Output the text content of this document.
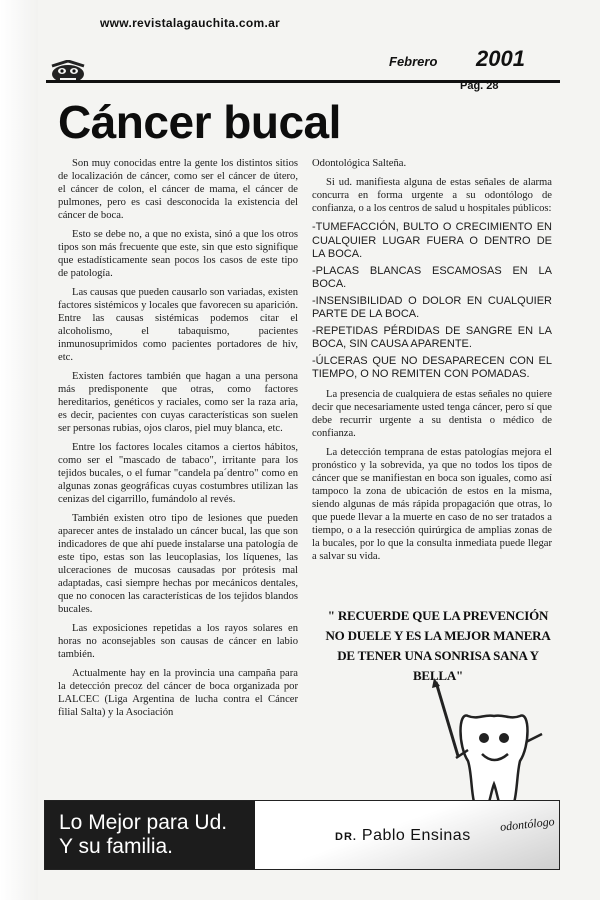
www.revistalagauchita.com.ar
Febrero 2001
Pag. 28
Cáncer bucal

Son muy conocidas entre la gente los distintos sitios de localización de cáncer, como ser el cáncer de útero, el cáncer de colon, el cáncer de mama, el cáncer de pulmones, pero es casi desconocida la existencia del cáncer de boca.

Esto se debe no, a que no exista, sinó a que los otros tipos son más frecuente que este, sin que esto signifique que estadísticamente sean pocos los casos de este tipo de patología.

Las causas que pueden causarlo son variadas, existen factores sistémicos y locales que favorecen su aparición. Entre las causas sistémicas podemos citar el alcoholismo, el tabaquismo, pacientes inmunosuprimidos como pacientes portadores de hiv, etc.

Existen factores también que hagan a una persona más predisponente que otras, como factores hereditarios, genéticos y raciales, como ser la raza aria, es decir, pacientes con cuyas características son suelen ser personas rubias, ojos claros, piel muy blanca, etc.

Entre los factores locales citamos a ciertos hábitos, como ser el "mascado de tabaco", irritante para los tejidos bucales, o el fumar "candela pa´dentro" como en algunas zonas geográficas cuyas costumbres utilizan las cenizas del cigarrillo, fumándolo al revés.

También existen otro tipo de lesiones que pueden aparecer antes de instalado un cáncer bucal, las que son indicadores de que ahí puede instalarse una patología de este tipo, estas son las leucoplasias, los líquenes, las ulceraciones de mucosas causadas por prótesis mal adaptadas, casi siempre hechas por mecánicos dentales, que no conocen las características de los tejidos blandos bucales.

Las exposiciones repetidas a los rayos solares en horas no aconsejables son causas de cáncer en labio también.

Actualmente hay en la provincia una campaña para la detección precoz del cáncer de boca organizada por LALCEC (Liga Argentina de lucha contra el Cáncer filial Salta) y la Asociación

Odontológica Salteña.

Si ud. manifiesta alguna de estas señales de alarma concurra en forma urgente a su odontólogo de confianza, o a los centros de salud u hospitales públicos:

-TUMEFACCIÓN, BULTO O CRECIMIENTO EN CUALQUIER LUGAR FUERA O DENTRO DE LA BOCA.
-PLACAS BLANCAS ESCAMOSAS EN LA BOCA.
-INSENSIBILIDAD O DOLOR EN CUALQUIER PARTE DE LA BOCA.
-REPETIDAS PÉRDIDAS DE SANGRE EN LA BOCA, SIN CAUSA APARENTE.
-ÚLCERAS QUE NO DESAPARECEN CON EL TIEMPO, O NO REMITEN CON POMADAS.

La presencia de cualquiera de estas señales no quiere decir que necesariamente usted tenga cáncer, pero sí que debe recurrir urgente a su dentista o médico de confianza.

La detección temprana de estas patologías mejora el pronóstico y la sobrevida, ya que no todos los tipos de cáncer que se manifiestan en boca son iguales, como así tampoco la zona de ubicación de estos en la misma, siendo algunas de más rápida propagación que otras, lo que puede llevar a la muerte en caso de no ser tratados a tiempo, o a la resección quirúrgica de amplias zonas de la bucales, por lo que la consulta inmediata puede llegar a salvar su vida.

" RECUERDE QUE LA PREVENCIÓN NO DUELE Y ES LA MEJOR MANERA DE TENER UNA SONRISA SANA Y BELLA"
Lo Mejor para Ud.
Y su familia.	DR. Pablo Ensinas
odontólogo
